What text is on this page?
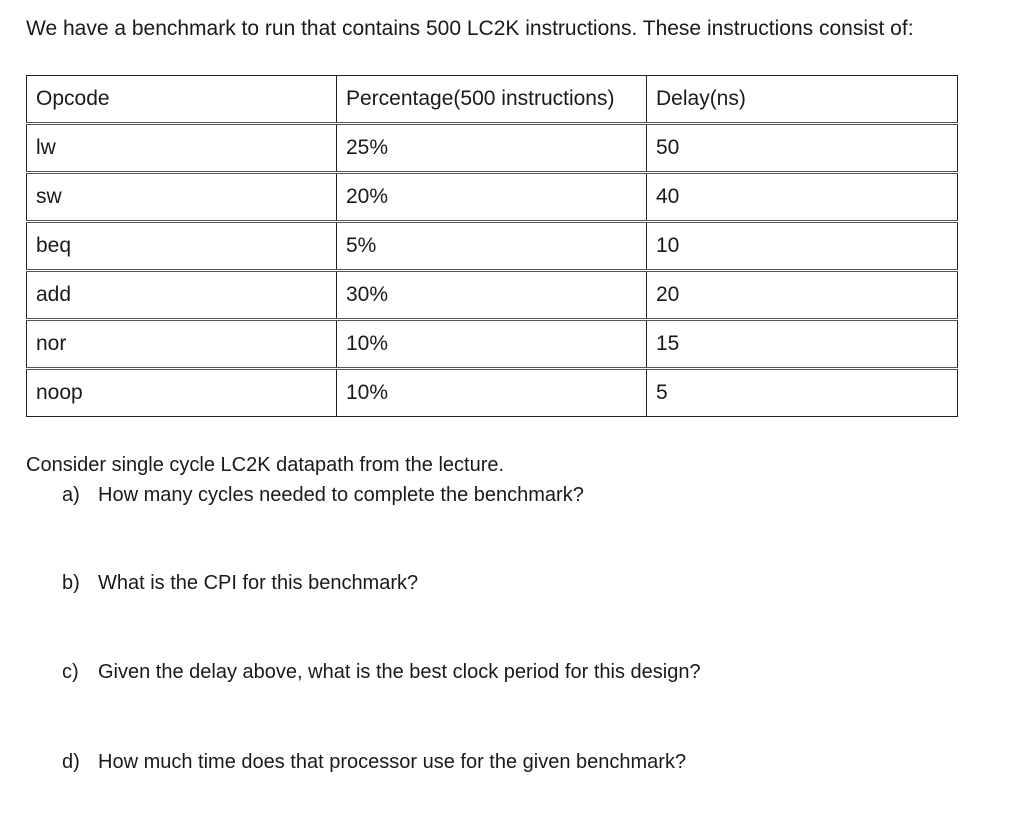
We have a benchmark to run that contains 500 LC2K instructions. These instructions consist of:
Opcode	Percentage(500 instructions)	Delay(ns)
lw	25%	50
sw	20%	40
beq	5%	10
add	30%	20
nor	10%	15
noop	10%	5
Consider single cycle LC2K datapath from the lecture.
a) How many cycles needed to complete the benchmark?
b) What is the CPI for this benchmark?
c) Given the delay above, what is the best clock period for this design?
d) How much time does that processor use for the given benchmark?
